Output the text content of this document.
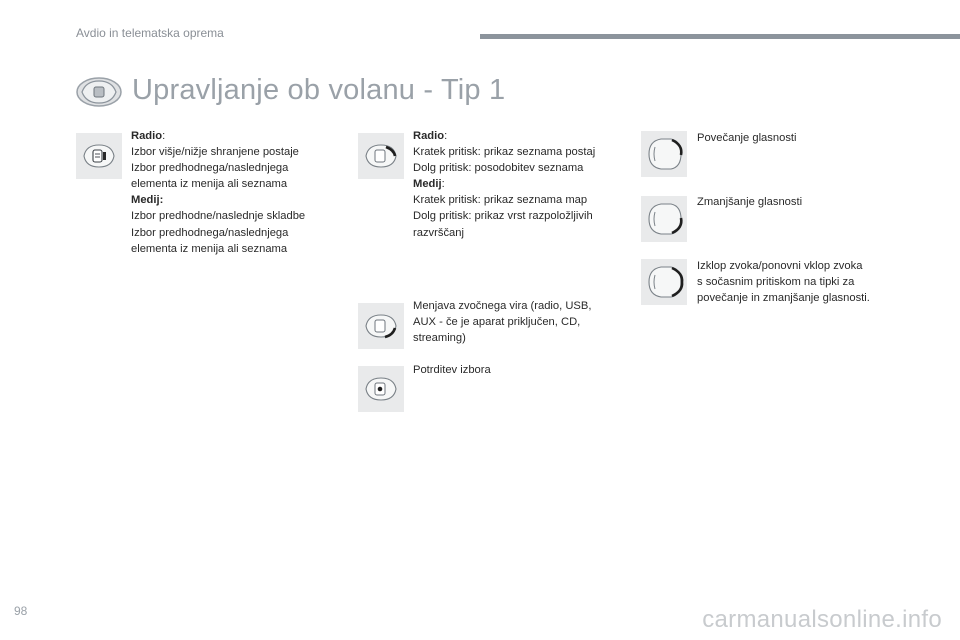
Avdio in telematska oprema
Upravljanje ob volanu - Tip 1
Radio:
Izbor višje/nižje shranjene postaje
Izbor predhodnega/naslednjega
elementa iz menija ali seznama
Medij:
Izbor predhodne/naslednje skladbe
Izbor predhodnega/naslednjega
elementa iz menija ali seznama
Radio:
Kratek pritisk: prikaz seznama postaj
Dolg pritisk: posodobitev seznama
Medij:
Kratek pritisk: prikaz seznama map
Dolg pritisk: prikaz vrst razpoložljivih
razvrščanj
Menjava zvočnega vira (radio, USB,
AUX - če je aparat priključen, CD,
streaming)
Potrditev izbora
Povečanje glasnosti
Zmanjšanje glasnosti
Izklop zvoka/ponovni vklop zvoka
s sočasnim pritiskom na tipki za
povečanje in zmanjšanje glasnosti.
98	carmanualsonline.info
